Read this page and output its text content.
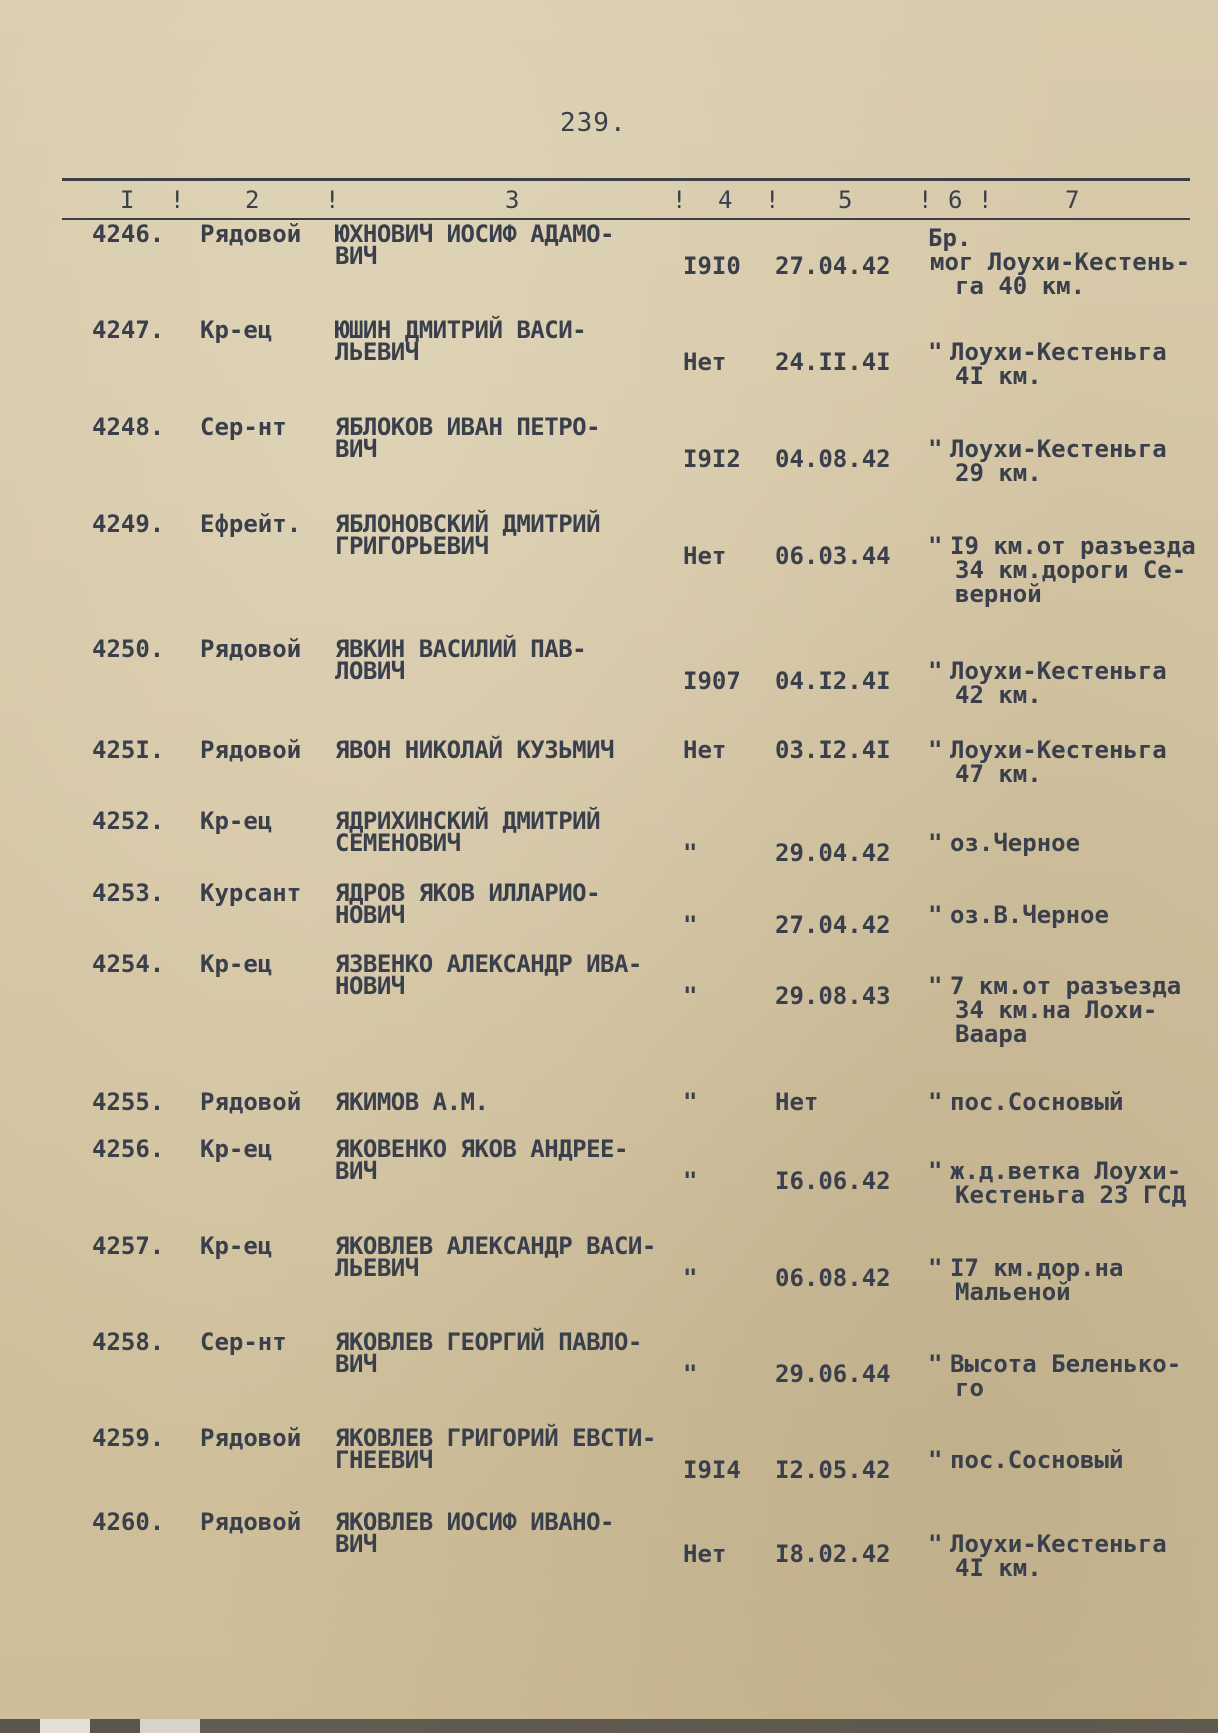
239.
I !	2	!	3	! 4 ! 5	! 6 !	7
4246. Рядовой ЮХНОВИЧ ИОСИФ АДАМО-
ВИЧ	I9I0 27.04.42
Бр.
мог Лоухи-Кестень-
га 40 км.
4247. Кр-ец	ЮШИН ДМИТРИЙ ВАСИ-
ЛЬЕВИЧ	Нет 24.II.4I " Лоухи-Кестеньга
4I км.
4248. Сер-нт ЯБЛОКОВ ИВАН ПЕТРО-
ВИЧ	I9I2 04.08.42 " Лоухи-Кестеньга
29 км.
4249. Ефрейт. ЯБЛОНОВСКИЙ ДМИТРИЙ
ГРИГОРЬЕВИЧ	Нет 06.03.44 " I9 км.от разъезда
34 км.дороги Се-
верной
4250. Рядовой ЯВКИН ВАСИЛИЙ ПАВ-
ЛОВИЧ	I907 04.I2.4I " Лоухи-Кестеньга
42 км.
425I. Рядовой ЯВОН НИКОЛАЙ КУЗЬМИЧ	Нет 03.I2.4I " Лоухи-Кестеньга
47 км.
4252. Кр-ец	ЯДРИХИНСКИЙ ДМИТРИЙ
СЕМЕНОВИЧ	"	29.04.42 " оз.Черное
4253. Курсант ЯДРОВ ЯКОВ ИЛЛАРИО-
НОВИЧ	"	27.04.42 " оз.В.Черное
4254. Кр-ец	ЯЗВЕНКО АЛЕКСАНДР ИВА-
НОВИЧ	"	29.08.43 " 7 км.от разъезда
34 км.на Лохи-
Ваара
4255. Рядовой ЯКИМОВ А.М.	"	Нет	" пос.Сосновый
4256. Кр-ец	ЯКОВЕНКО ЯКОВ АНДРЕЕ-
ВИЧ	"	I6.06.42 " ж.д.ветка Лоухи-
Кестеньга 23 ГСД
4257. Кр-ец	ЯКОВЛЕВ АЛЕКСАНДР ВАСИ-
ЛЬЕВИЧ	"	06.08.42 " I7 км.дор.на
Мальеной
4258. Сер-нт ЯКОВЛЕВ ГЕОРГИЙ ПАВЛО-
ВИЧ	"	29.06.44 " Высота Беленько-
го
4259. Рядовой ЯКОВЛЕВ ГРИГОРИЙ ЕВСТИ-
ГНЕЕВИЧ	I9I4 I2.05.42 " пос.Сосновый
4260. Рядовой ЯКОВЛЕВ ИОСИФ ИВАНО-
ВИЧ	Нет I8.02.42 " Лоухи-Кестеньга
4I км.
